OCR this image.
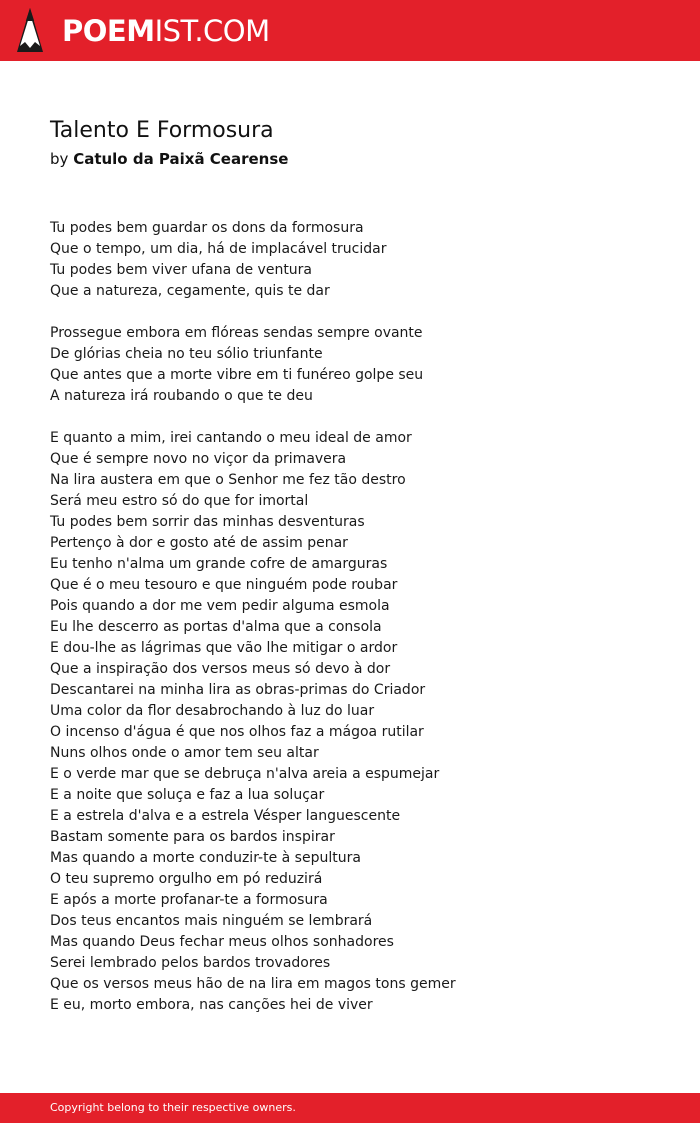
POEMIST.COM
Talento E Formosura
by Catulo da Paixã Cearense
Tu podes bem guardar os dons da formosura
Que o tempo, um dia, há de implacável trucidar
Tu podes bem viver ufana de ventura
Que a natureza, cegamente, quis te dar
Prossegue embora em flóreas sendas sempre ovante
De glórias cheia no teu sólio triunfante
Que antes que a morte vibre em ti funéreo golpe seu
A natureza irá roubando o que te deu
E quanto a mim, irei cantando o meu ideal de amor
Que é sempre novo no viçor da primavera
Na lira austera em que o Senhor me fez tão destro
Será meu estro só do que for imortal
Tu podes bem sorrir das minhas desventuras
Pertenço à dor e gosto até de assim penar
Eu tenho n'alma um grande cofre de amarguras
Que é o meu tesouro e que ninguém pode roubar
Pois quando a dor me vem pedir alguma esmola
Eu lhe descerro as portas d'alma que a consola
E dou-lhe as lágrimas que vão lhe mitigar o ardor
Que a inspiração dos versos meus só devo à dor
Descantarei na minha lira as obras-primas do Criador
Uma color da flor desabrochando à luz do luar
O incenso d'água é que nos olhos faz a mágoa rutilar
Nuns olhos onde o amor tem seu altar
E o verde mar que se debruça n'alva areia a espumejar
E a noite que soluça e faz a lua soluçar
E a estrela d'alva e a estrela Vésper languescente
Bastam somente para os bardos inspirar
Mas quando a morte conduzir-te à sepultura
O teu supremo orgulho em pó reduzirá
E após a morte profanar-te a formosura
Dos teus encantos mais ninguém se lembrará
Mas quando Deus fechar meus olhos sonhadores
Serei lembrado pelos bardos trovadores
Que os versos meus hão de na lira em magos tons gemer
E eu, morto embora, nas canções hei de viver
Copyright belong to their respective owners.
